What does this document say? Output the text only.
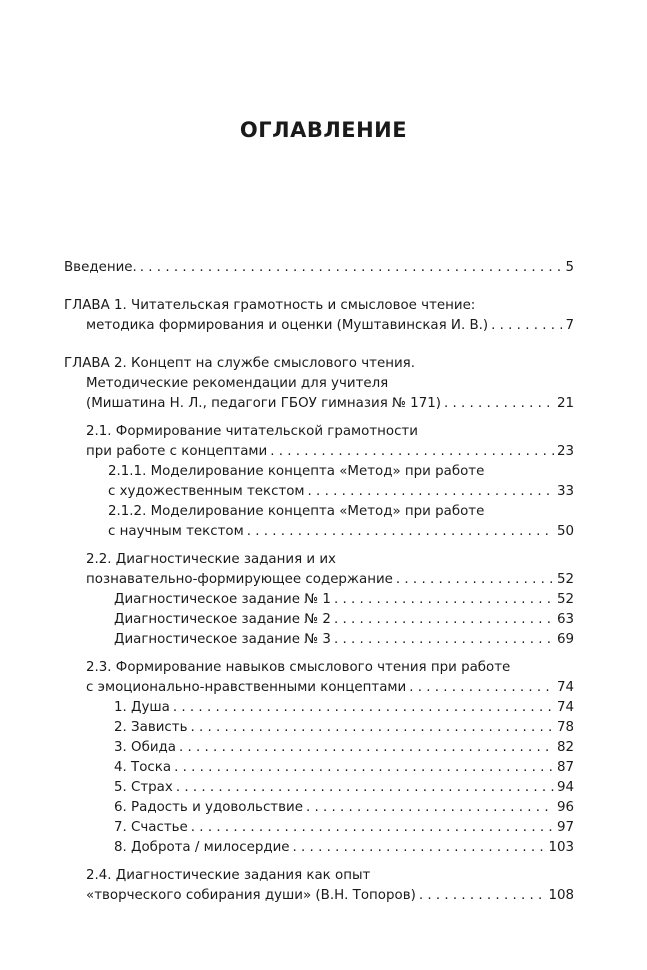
ОГЛАВЛЕНИЕ
Введение. . . .	5
ГЛАВА 1. Читательская грамотность и смысловое чтение:
методика формирования и оценки (Муштавинская И. В.) . . .	7
ГЛАВА 2. Концепт на службе смыслового чтения.
Методические рекомендации для учителя
(Мишатина Н. Л., педагоги ГБОУ гимназия № 171) . . .	21
2.1. Формирование читательской грамотности
при работе с концептами . . .	23
2.1.1. Моделирование концепта «Метод» при работе
с художественным текстом . . .	33
2.1.2. Моделирование концепта «Метод» при работе
с научным текстом . . .	50
2.2. Диагностические задания и их
познавательно-формирующее содержание . . .	52
Диагностическое задание № 1 . . .	52
Диагностическое задание № 2 . . .	63
Диагностическое задание № 3 . . .	69
2.3. Формирование навыков смыслового чтения при работе
с эмоционально-нравственными концептами . . .	74
1. Душа . . .	74
2. Зависть . . .	78
3. Обида . . .	82
4. Тоска . . .	87
5. Страх . . .	94
6. Радость и удовольствие . . .	96
7. Счастье . . .	97
8. Доброта / милосердие . . .	103
2.4. Диагностические задания как опыт
«творческого собирания души» (В.Н. Топоров) . . .	108
